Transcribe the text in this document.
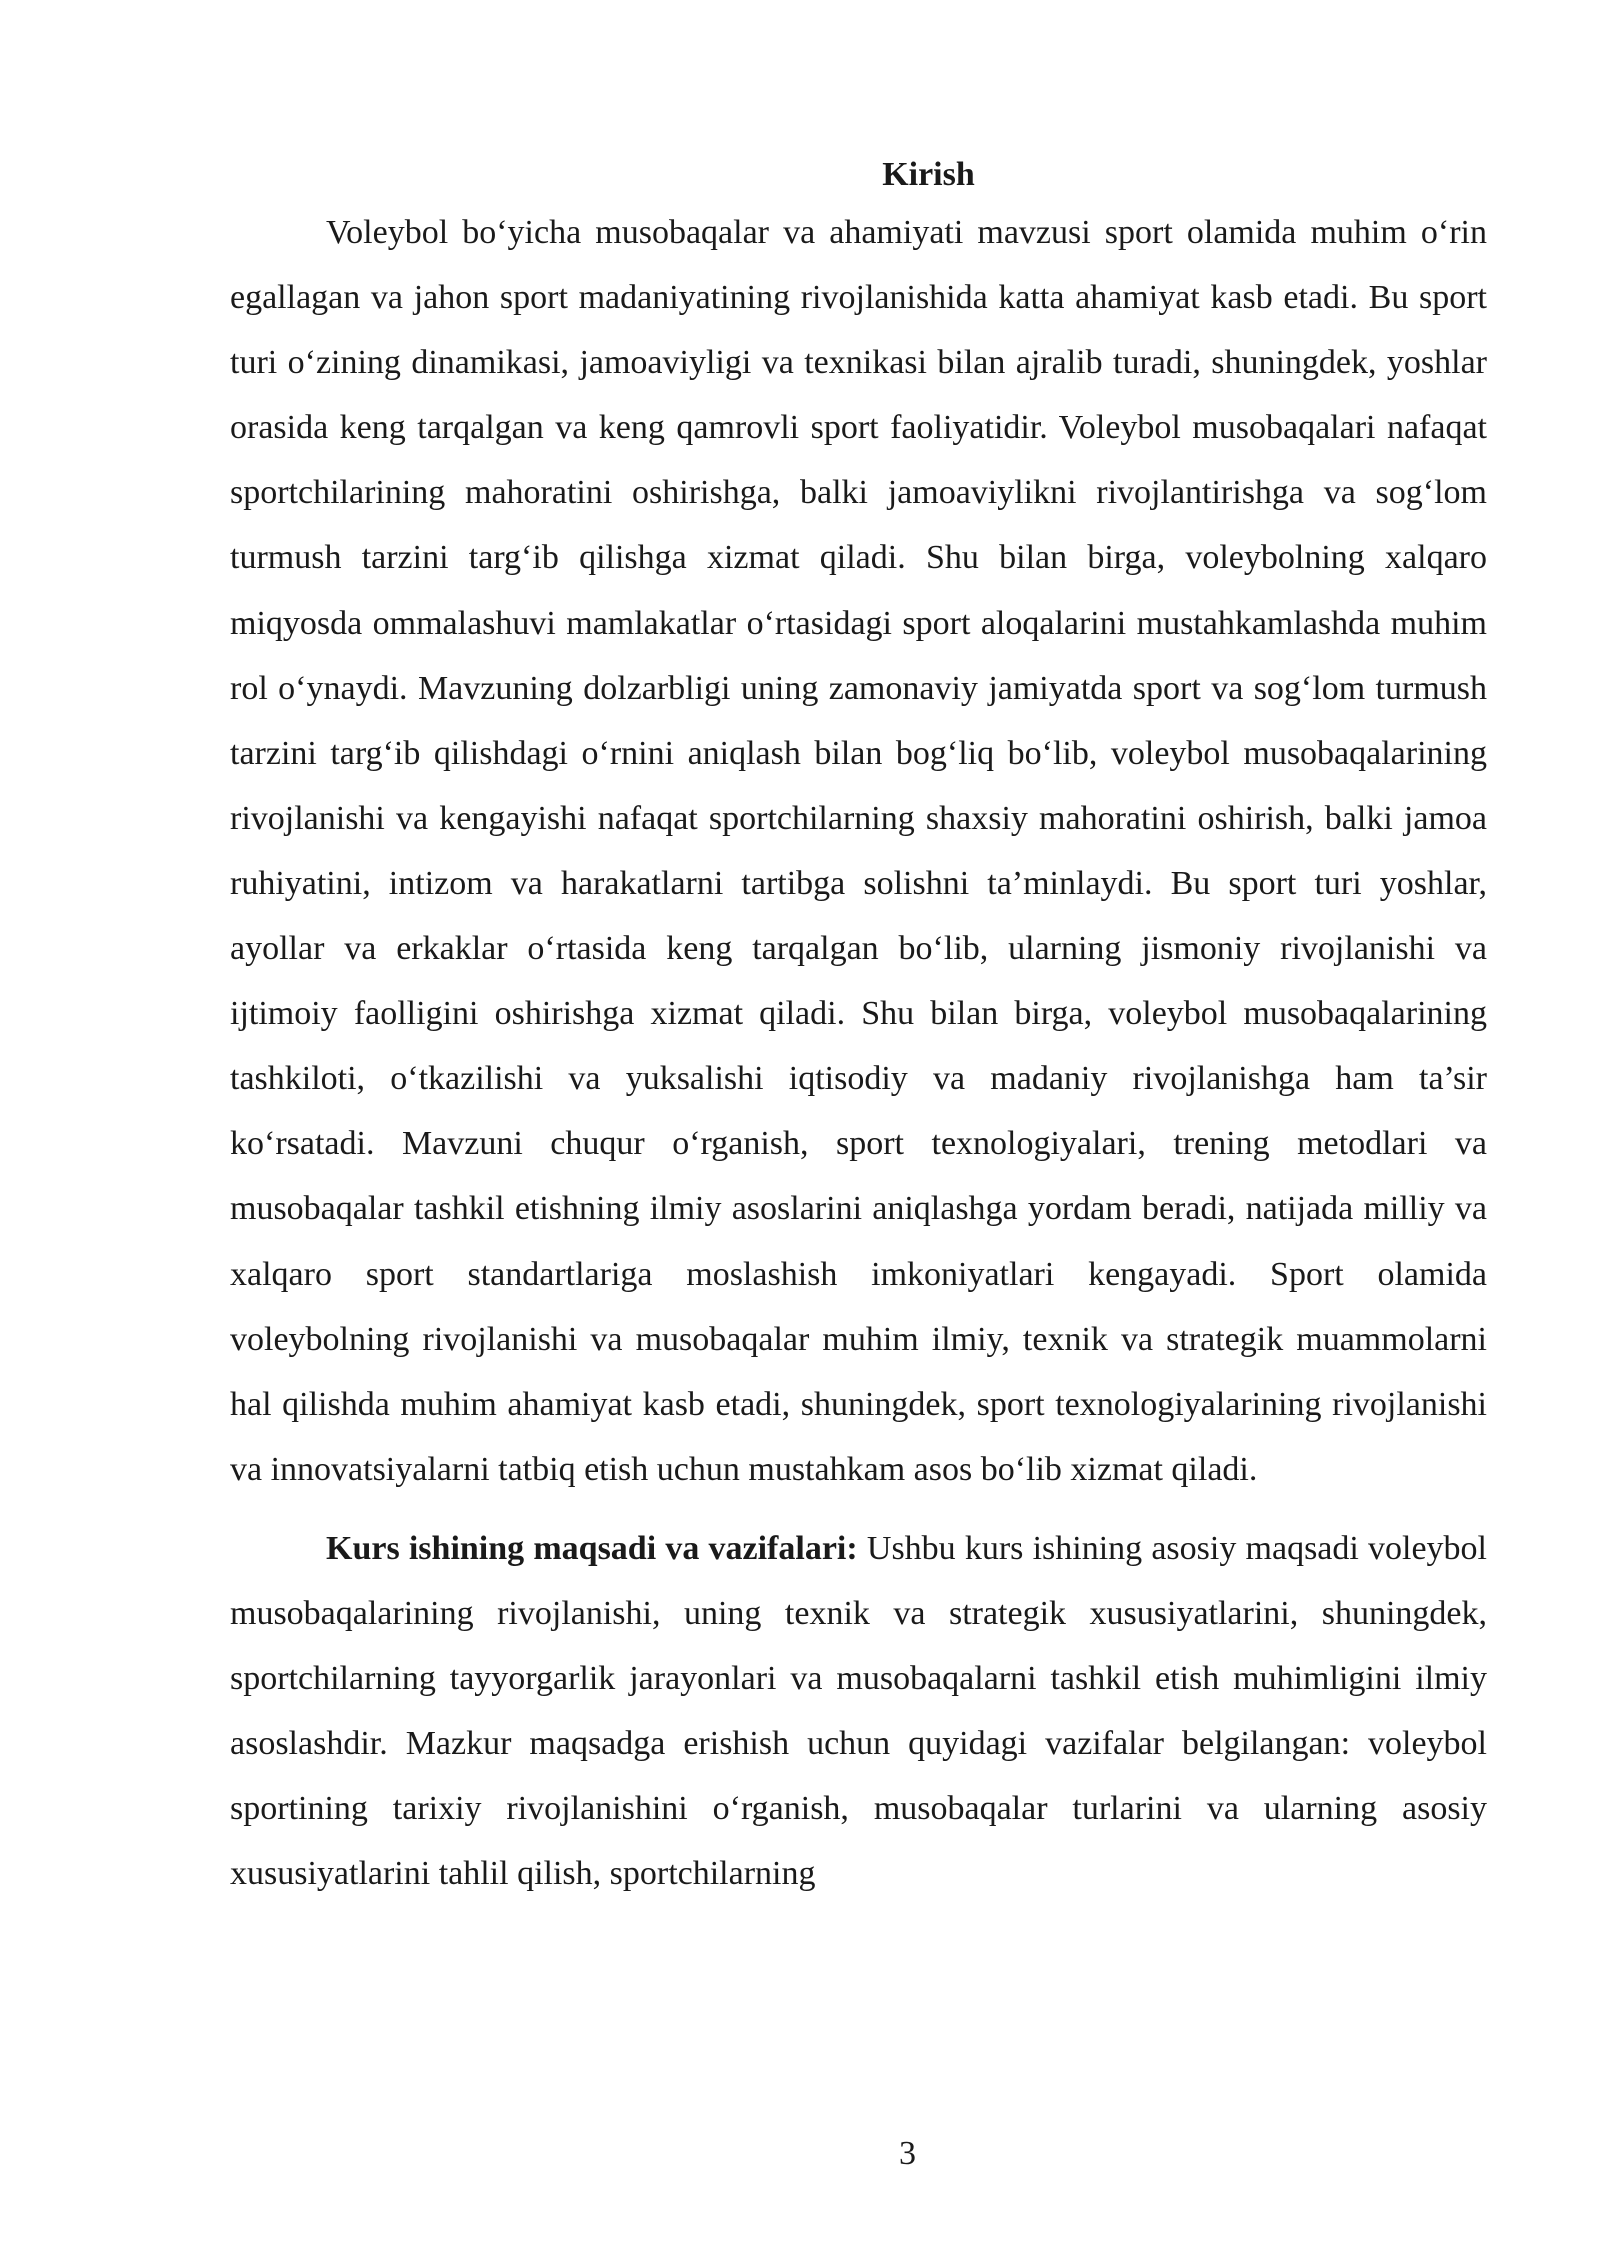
Kirish

Voleybol bo‘yicha musobaqalar va ahamiyati mavzusi sport olamida muhim o‘rin egallagan va jahon sport madaniyatining rivojlanishida katta ahamiyat kasb etadi. Bu sport turi o‘zining dinamikasi, jamoaviyligi va texnikasi bilan ajralib turadi, shuningdek, yoshlar orasida keng tarqalgan va keng qamrovli sport faoliyatidir. Voleybol musobaqalari nafaqat sportchilarining mahoratini oshirishga, balki jamoaviylikni rivojlantirishga va sog‘lom turmush tarzini targ‘ib qilishga xizmat qiladi. Shu bilan birga, voleybolning xalqaro miqyosda ommalashuvi mamlakatlar o‘rtasidagi sport aloqalarini mustahkamlashda muhim rol o‘ynaydi. Mavzuning dolzarbligi uning zamonaviy jamiyatda sport va sog‘lom turmush tarzini targ‘ib qilishdagi o‘rnini aniqlash bilan bog‘liq bo‘lib, voleybol musobaqalarining rivojlanishi va kengayishi nafaqat sportchilarning shaxsiy mahoratini oshirish, balki jamoa ruhiyatini, intizom va harakatlarni tartibga solishni ta’minlaydi. Bu sport turi yoshlar, ayollar va erkaklar o‘rtasida keng tarqalgan bo‘lib, ularning jismoniy rivojlanishi va ijtimoiy faolligini oshirishga xizmat qiladi. Shu bilan birga, voleybol musobaqalarining tashkiloti, o‘tkazilishi va yuksalishi iqtisodiy va madaniy rivojlanishga ham ta’sir ko‘rsatadi. Mavzuni chuqur o‘rganish, sport texnologiyalari, trening metodlari va musobaqalar tashkil etishning ilmiy asoslarini aniqlashga yordam beradi, natijada milliy va xalqaro sport standartlariga moslashish imkoniyatlari kengayadi. Sport olamida voleybolning rivojlanishi va musobaqalar muhim ilmiy, texnik va strategik muammolarni hal qilishda muhim ahamiyat kasb etadi, shuningdek, sport texnologiyalarining rivojlanishi va innovatsiyalarni tatbiq etish uchun mustahkam asos bo‘lib xizmat qiladi.

Kurs ishining maqsadi va vazifalari: Ushbu kurs ishining asosiy maqsadi voleybol musobaqalarining rivojlanishi, uning texnik va strategik xususiyatlarini, shuningdek, sportchilarning tayyorgarlik jarayonlari va musobaqalarni tashkil etish muhimligini ilmiy asoslashdir. Mazkur maqsadga erishish uchun quyidagi vazifalar belgilangan: voleybol sportining tarixiy rivojlanishini o‘rganish, musobaqalar turlarini va ularning asosiy xususiyatlarini tahlil qilish, sportchilarning

3
